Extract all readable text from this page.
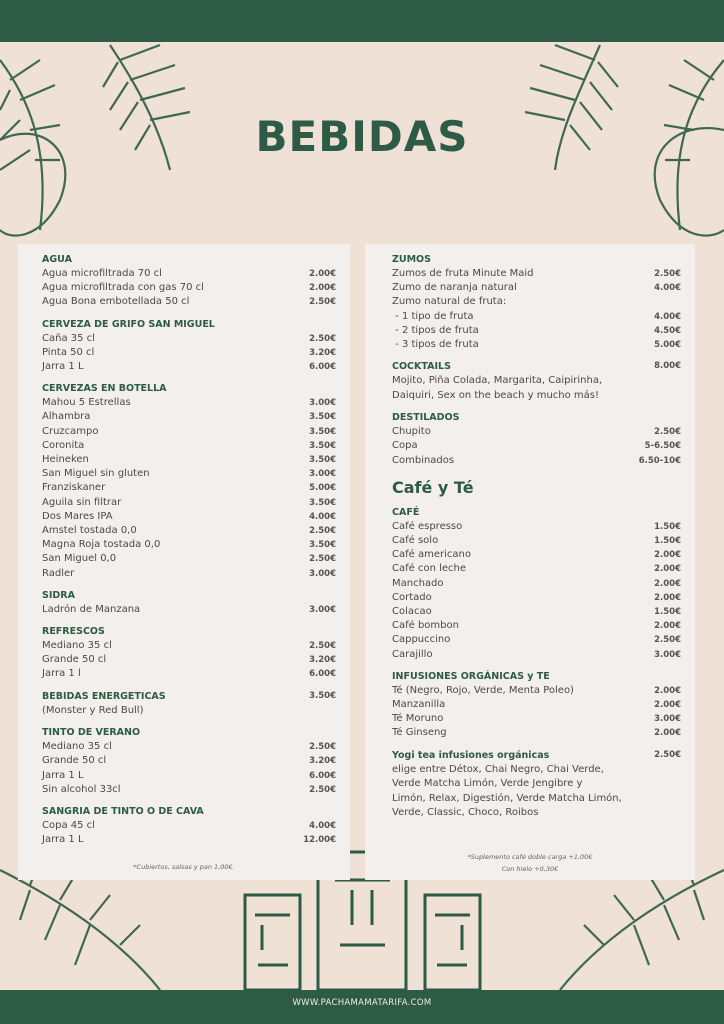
BEBIDAS
AGUA
Agua microfiltrada 70 cl	2.00€
Agua microfiltrada con gas 70 cl	2.00€
Agua Bona embotellada 50 cl	2.50€
CERVEZA DE GRIFO SAN MIGUEL
Caña 35 cl	2.50€
Pinta 50 cl	3.20€
Jarra 1 L	6.00€
CERVEZAS EN BOTELLA
Mahou 5 Estrellas	3.00€
Alhambra	3.50€
Cruzcampo	3.50€
Coronita	3.50€
Heineken	3.50€
San Miguel sin gluten	3.00€
Franziskaner	5.00€
Aguila sin filtrar	3.50€
Dos Mares IPA	4.00€
Amstel tostada 0,0	2.50€
Magna Roja tostada 0,0	3.50€
San Miguel 0,0	2.50€
Radler	3.00€
SIDRA
Ladrón de Manzana	3.00€
REFRESCOS
Mediano 35 cl	2.50€
Grande 50 cl	3.20€
Jarra 1 l	6.00€
BEBIDAS ENERGETICAS	3.50€
(Monster y Red Bull)
TINTO DE VERANO
Mediano 35 cl	2.50€
Grande 50 cl	3.20€
Jarra 1 L	6.00€
Sin alcohol 33cl	2.50€
SANGRIA DE TINTO O DE CAVA
Copa 45 cl	4.00€
Jarra 1 L	12.00€
ZUMOS
Zumos de fruta Minute Maid	2.50€
Zumo de naranja natural	4.00€
Zumo natural de fruta:
- 1 tipo de fruta	4.00€
- 2 tipos de fruta	4.50€
- 3 tipos de fruta	5.00€
COCKTAILS	8.00€
Mojito, Piña Colada, Margarita, Caipirinha,
Daiquiri, Sex on the beach y mucho más!
DESTILADOS
Chupito	2.50€
Copa	5-6.50€
Combinados	6.50-10€
Café y Té
CAFÉ
Café espresso	1.50€
Café solo	1.50€
Café americano	2.00€
Café con leche	2.00€
Manchado	2.00€
Cortado	2.00€
Colacao	1.50€
Café bombon	2.00€
Cappuccino	2.50€
Carajillo	3.00€
INFUSIONES ORGÁNICAS y TE
Té (Negro, Rojo, Verde, Menta Poleo)	2.00€
Manzanilla	2.00€
Té Moruno	3.00€
Té Ginseng	2.00€
Yogi tea infusiones orgánicas	2.50€
elige entre Détox, Chai Negro, Chai Verde,
Verde Matcha Limón, Verde Jengibre y
Limón, Relax, Digestión, Verde Matcha Limón,
Verde, Classic, Choco, Roibos
*Cubiertos, salsas y pan 1,00€.
*Suplemento café doble carga +1,00€
Con hielo +0,30€
WWW.PACHAMAMATARIFA.COM
